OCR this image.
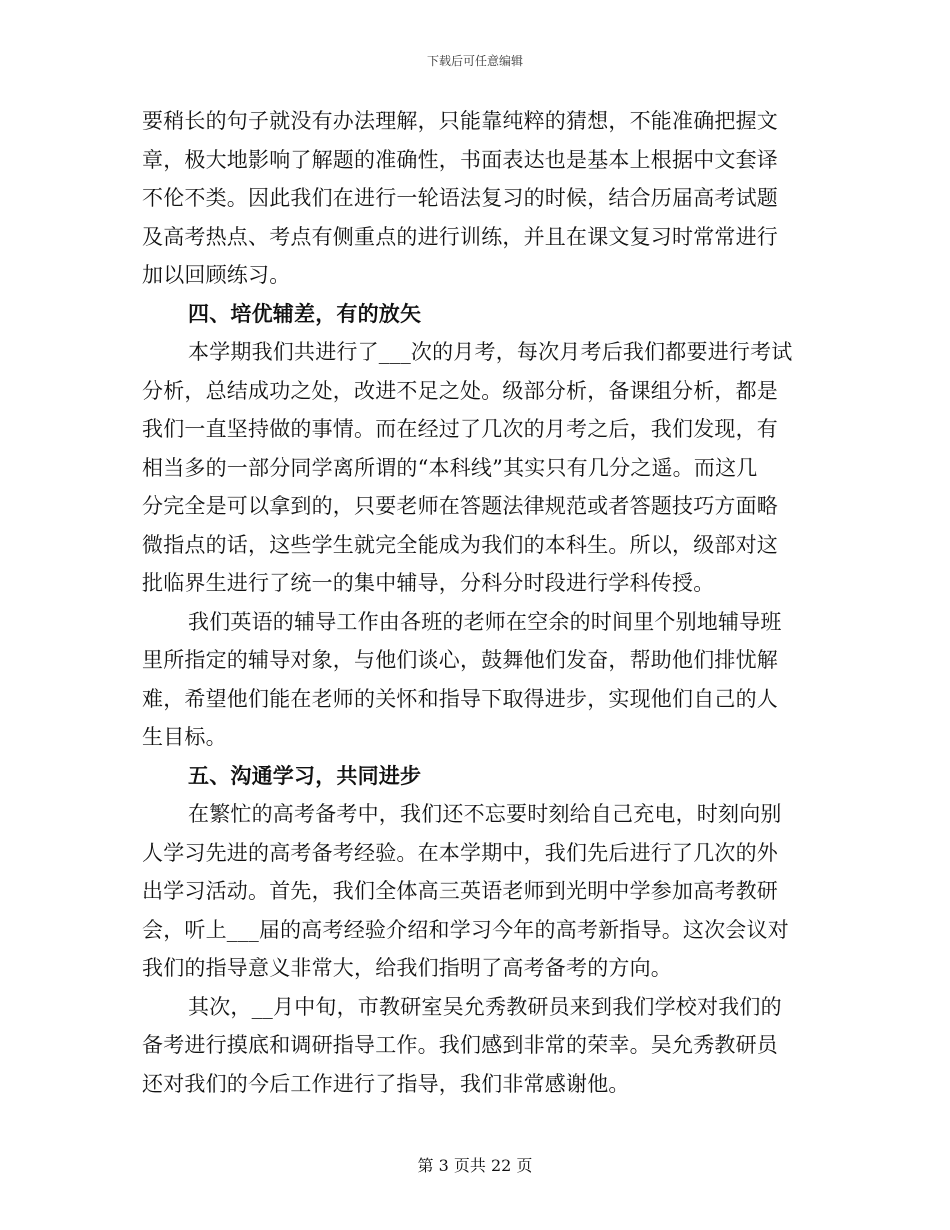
下载后可任意编辑
要稍长的句子就没有办法理解，只能靠纯粹的猜想，不能准确把握文
章，极大地影响了解题的准确性，书面表达也是基本上根据中文套译
不伦不类。因此我们在进行一轮语法复习的时候，结合历届高考试题
及高考热点、考点有侧重点的进行训练，并且在课文复习时常常进行
加以回顾练习。
四、培优辅差，有的放矢
本学期我们共进行了___次的月考，每次月考后我们都要进行考试
分析，总结成功之处，改进不足之处。级部分析，备课组分析，都是
我们一直坚持做的事情。而在经过了几次的月考之后，我们发现，有
相当多的一部分同学离所谓的“本科线”其实只有几分之遥。而这几
分完全是可以拿到的，只要老师在答题法律规范或者答题技巧方面略
微指点的话，这些学生就完全能成为我们的本科生。所以，级部对这
批临界生进行了统一的集中辅导，分科分时段进行学科传授。
我们英语的辅导工作由各班的老师在空余的时间里个别地辅导班
里所指定的辅导对象，与他们谈心，鼓舞他们发奋，帮助他们排忧解
难，希望他们能在老师的关怀和指导下取得进步，实现他们自己的人
生目标。
五、沟通学习，共同进步
在繁忙的高考备考中，我们还不忘要时刻给自己充电，时刻向别
人学习先进的高考备考经验。在本学期中，我们先后进行了几次的外
出学习活动。首先，我们全体高三英语老师到光明中学参加高考教研
会，听上___届的高考经验介绍和学习今年的高考新指导。这次会议对
我们的指导意义非常大，给我们指明了高考备考的方向。
其次，__月中旬，市教研室吴允秀教研员来到我们学校对我们的
备考进行摸底和调研指导工作。我们感到非常的荣幸。吴允秀教研员
还对我们的今后工作进行了指导，我们非常感谢他。
第 3 页共 22 页
